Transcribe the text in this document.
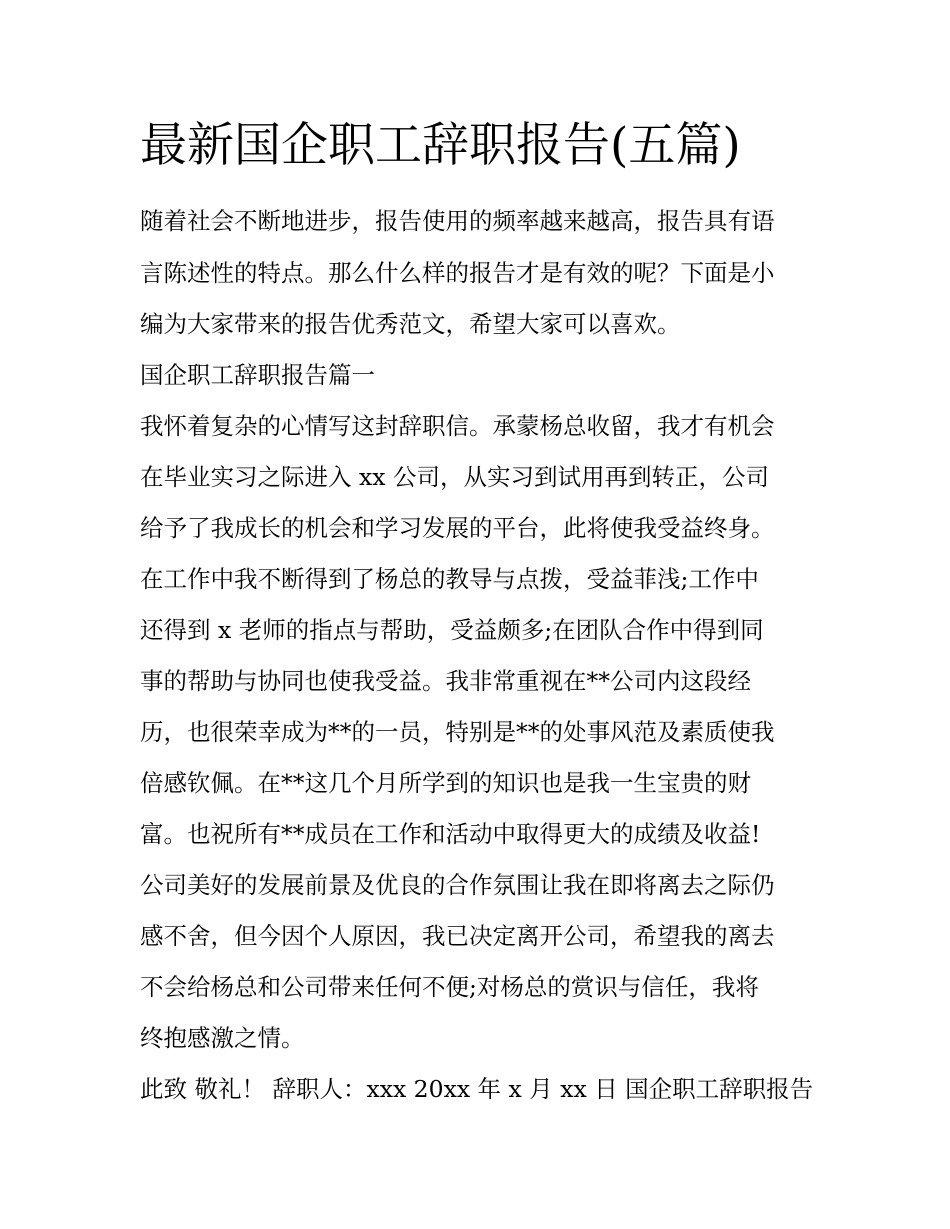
最新国企职工辞职报告(五篇)
随着社会不断地进步，报告使用的频率越来越高，报告具有语
言陈述性的特点。那么什么样的报告才是有效的呢？下面是小
编为大家带来的报告优秀范文，希望大家可以喜欢。
国企职工辞职报告篇一
我怀着复杂的心情写这封辞职信。承蒙杨总收留，我才有机会
在毕业实习之际进入 xx 公司，从实习到试用再到转正，公司
给予了我成长的机会和学习发展的平台，此将使我受益终身。
在工作中我不断得到了杨总的教导与点拨，受益菲浅;工作中
还得到 x 老师的指点与帮助，受益颇多;在团队合作中得到同
事的帮助与协同也使我受益。我非常重视在**公司内这段经
历，也很荣幸成为**的一员，特别是**的处事风范及素质使我
倍感钦佩。在**这几个月所学到的知识也是我一生宝贵的财
富。也祝所有**成员在工作和活动中取得更大的成绩及收益!
公司美好的发展前景及优良的合作氛围让我在即将离去之际仍
感不舍，但今因个人原因，我已决定离开公司，希望我的离去
不会给杨总和公司带来任何不便;对杨总的赏识与信任，我将
终抱感激之情。
此致 敬礼！ 辞职人：xxx 20xx 年 x 月 xx 日 国企职工辞职报告
